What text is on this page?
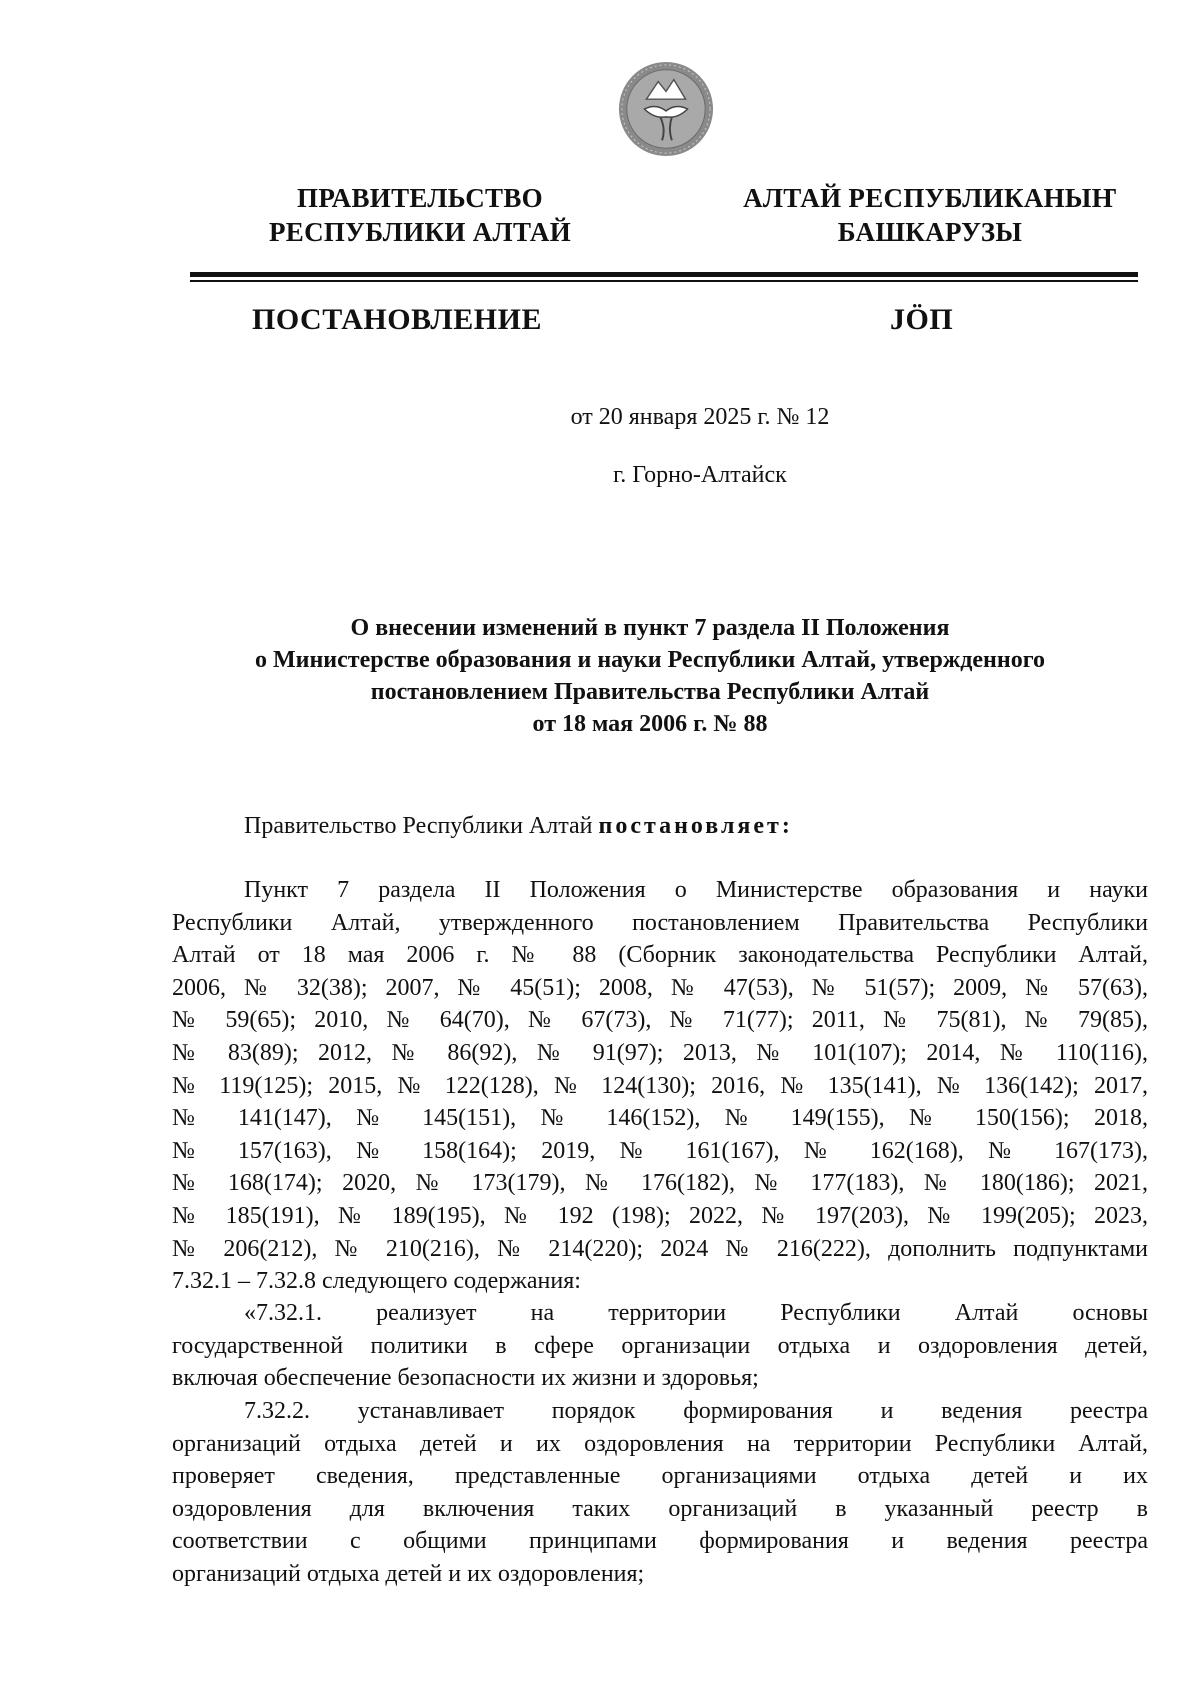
ПРАВИТЕЛЬСТВО
РЕСПУБЛИКИ АЛТАЙ
АЛТАЙ РЕСПУБЛИКАНЫҤ
БАШКАРУЗЫ
ПОСТАНОВЛЕНИЕ	JӦП
от 20 января 2025 г. № 12
г. Горно-Алтайск
О внесении изменений в пункт 7 раздела II Положения
о Министерстве образования и науки Республики Алтай, утвержденного
постановлением Правительства Республики Алтай
от 18 мая 2006 г. № 88

Правительство Республики Алтай постановляет:

Пункт 7 раздела II Положения о Министерстве образования и науки
Республики Алтай, утвержденного постановлением Правительства Республики
Алтай от 18 мая 2006 г. № 88 (Сборник законодательства Республики Алтай,
2006, № 32(38); 2007, № 45(51); 2008, № 47(53), № 51(57); 2009, № 57(63),
№ 59(65); 2010, № 64(70), № 67(73), № 71(77); 2011, № 75(81), № 79(85),
№ 83(89); 2012, № 86(92), № 91(97); 2013, № 101(107); 2014, № 110(116),
№ 119(125); 2015, № 122(128), № 124(130); 2016, № 135(141), № 136(142); 2017,
№ 141(147), № 145(151), № 146(152), № 149(155), № 150(156); 2018,
№ 157(163), № 158(164); 2019, № 161(167), № 162(168), № 167(173),
№ 168(174); 2020, № 173(179), № 176(182), № 177(183), № 180(186); 2021,
№ 185(191), № 189(195), № 192 (198); 2022, № 197(203), № 199(205); 2023,
№ 206(212), № 210(216), № 214(220); 2024 № 216(222), дополнить подпунктами
7.32.1 – 7.32.8 следующего содержания:

«7.32.1. реализует на территории Республики Алтай основы
государственной политики в сфере организации отдыха и оздоровления детей,
включая обеспечение безопасности их жизни и здоровья;

7.32.2. устанавливает порядок формирования и ведения реестра
организаций отдыха детей и их оздоровления на территории Республики Алтай,
проверяет сведения, представленные организациями отдыха детей и их
оздоровления для включения таких организаций в указанный реестр в
соответствии с общими принципами формирования и ведения реестра
организаций отдыха детей и их оздоровления;
